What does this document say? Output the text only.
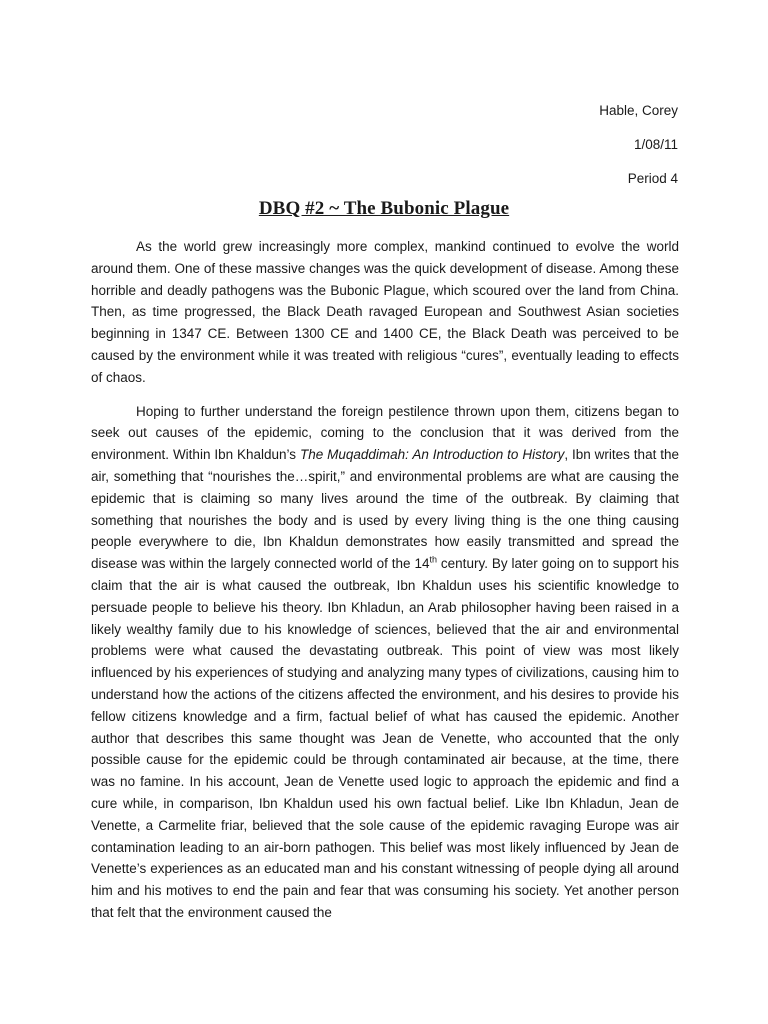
Hable, Corey
1/08/11
Period 4
DBQ #2 ~ The Bubonic Plague

As the world grew increasingly more complex, mankind continued to evolve the world around them. One of these massive changes was the quick development of disease. Among these horrible and deadly pathogens was the Bubonic Plague, which scoured over the land from China. Then, as time progressed, the Black Death ravaged European and Southwest Asian societies beginning in 1347 CE. Between 1300 CE and 1400 CE, the Black Death was perceived to be caused by the environment while it was treated with religious “cures”, eventually leading to effects of chaos.

Hoping to further understand the foreign pestilence thrown upon them, citizens began to seek out causes of the epidemic, coming to the conclusion that it was derived from the environment. Within Ibn Khaldun’s The Muqaddimah: An Introduction to History, Ibn writes that the air, something that “nourishes the…spirit,” and environmental problems are what are causing the epidemic that is claiming so many lives around the time of the outbreak. By claiming that something that nourishes the body and is used by every living thing is the one thing causing people everywhere to die, Ibn Khaldun demonstrates how easily transmitted and spread the disease was within the largely connected world of the 14th century. By later going on to support his claim that the air is what caused the outbreak, Ibn Khaldun uses his scientific knowledge to persuade people to believe his theory. Ibn Khladun, an Arab philosopher having been raised in a likely wealthy family due to his knowledge of sciences, believed that the air and environmental problems were what caused the devastating outbreak. This point of view was most likely influenced by his experiences of studying and analyzing many types of civilizations, causing him to understand how the actions of the citizens affected the environment, and his desires to provide his fellow citizens knowledge and a firm, factual belief of what has caused the epidemic. Another author that describes this same thought was Jean de Venette, who accounted that the only possible cause for the epidemic could be through contaminated air because, at the time, there was no famine. In his account, Jean de Venette used logic to approach the epidemic and find a cure while, in comparison, Ibn Khaldun used his own factual belief. Like Ibn Khladun, Jean de Venette, a Carmelite friar, believed that the sole cause of the epidemic ravaging Europe was air contamination leading to an air-born pathogen. This belief was most likely influenced by Jean de Venette’s experiences as an educated man and his constant witnessing of people dying all around him and his motives to end the pain and fear that was consuming his society. Yet another person that felt that the environment caused the
